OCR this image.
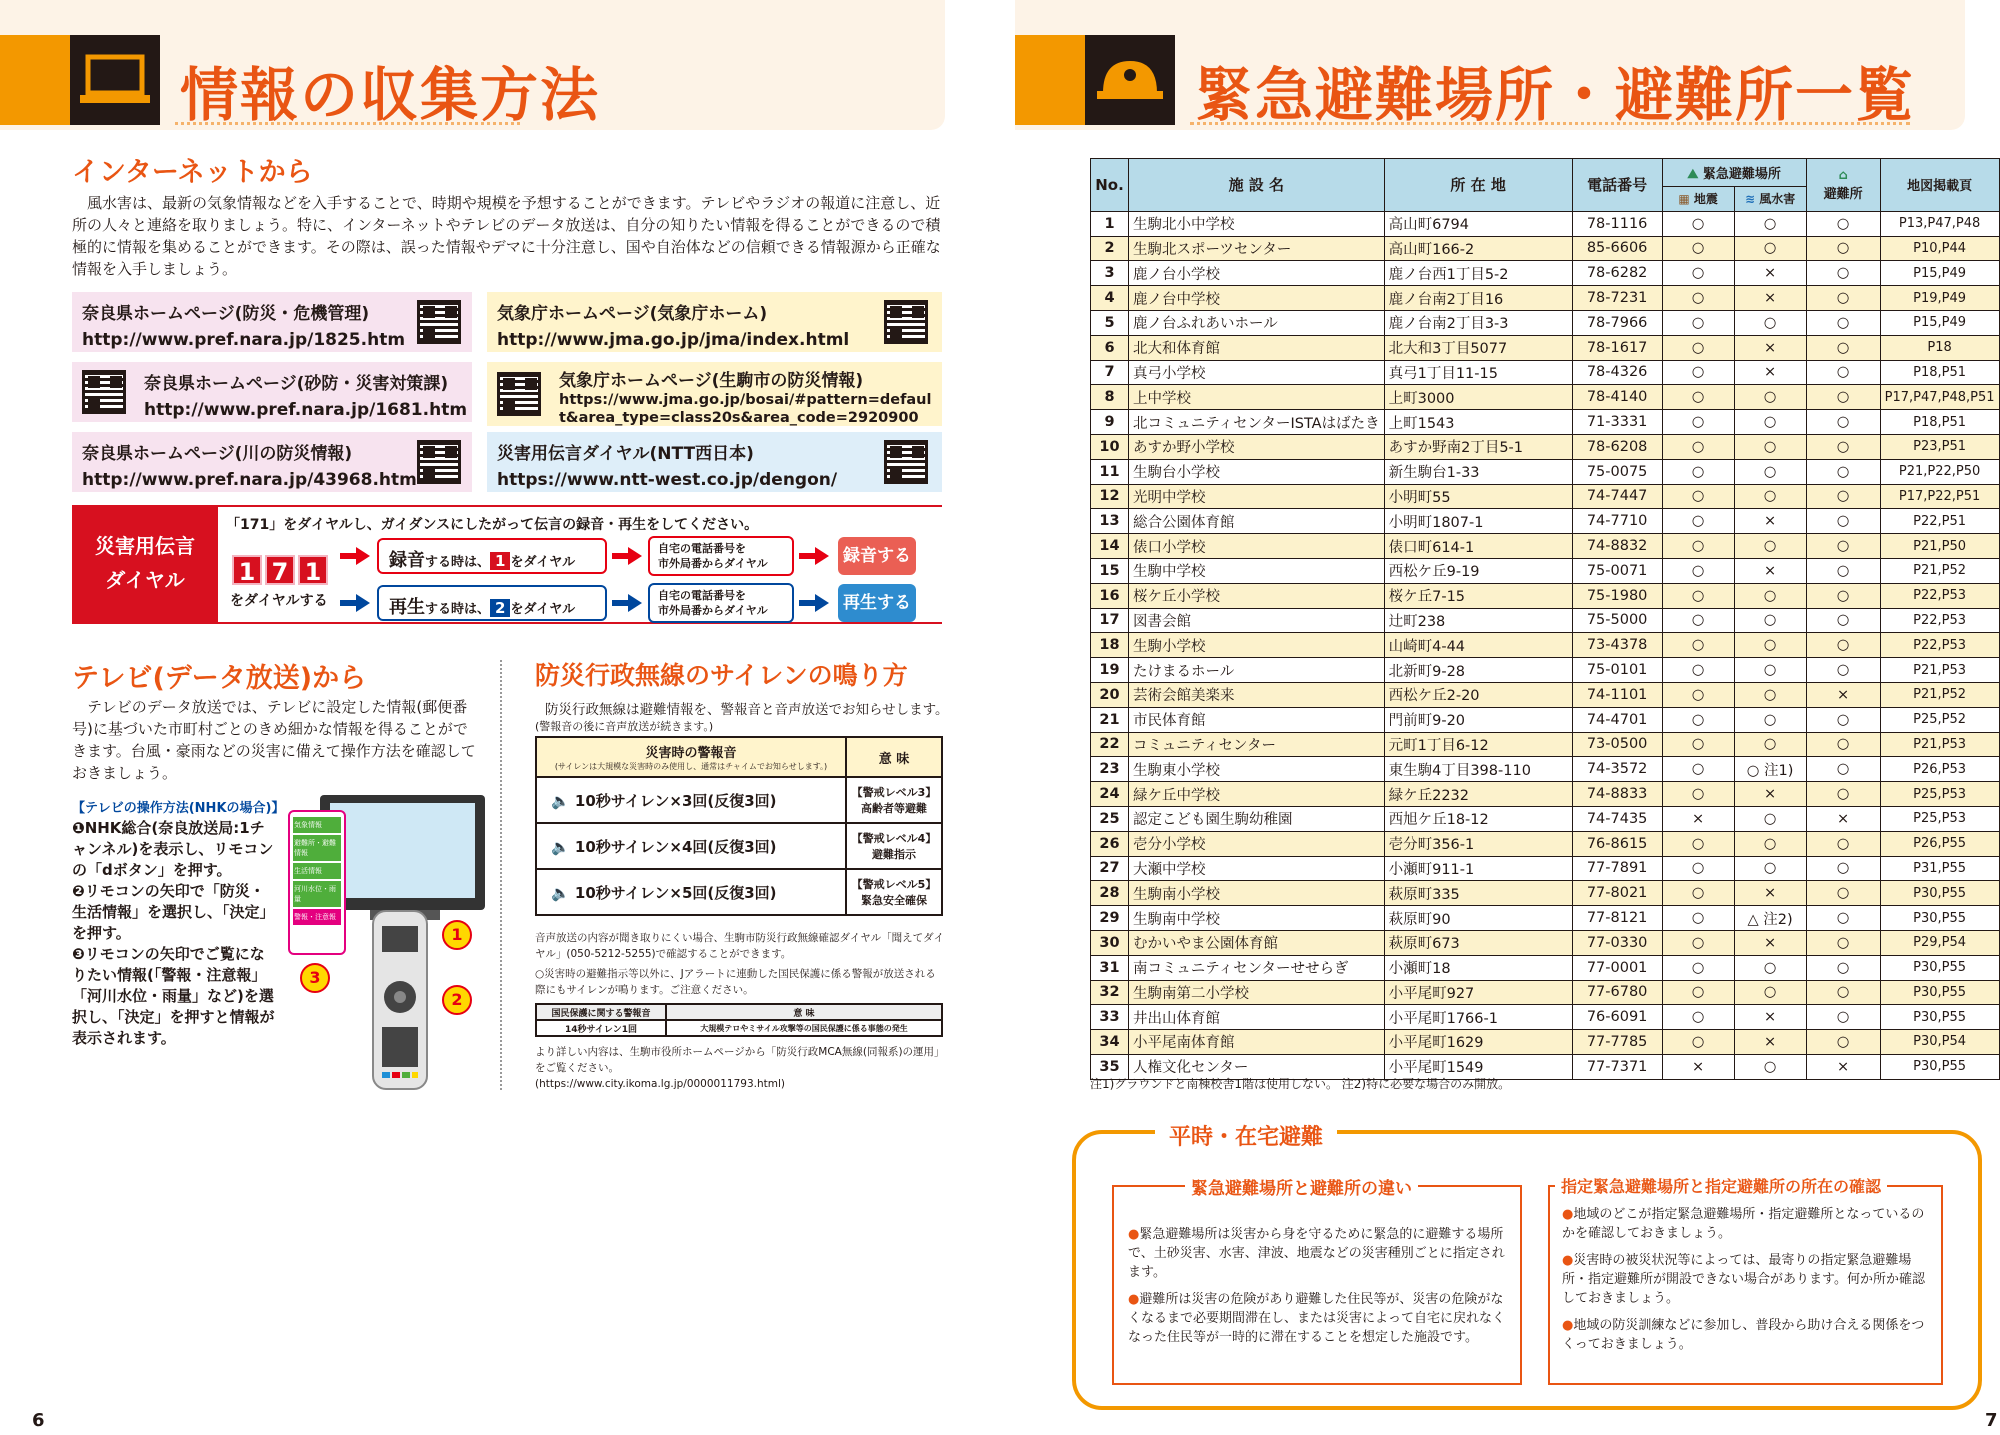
情報の収集方法
インターネットから
風水害は、最新の気象情報などを入手することで、時期や規模を予想することができます。テレビやラジオの報道に注意し、近所の人々と連絡を取りましょう。特に、インターネットやテレビのデータ放送は、自分の知りたい情報を得ることができるので積極的に情報を集めることができます。その際は、誤った情報やデマに十分注意し、国や自治体などの信頼できる情報源から正確な情報を入手しましょう。
奈良県ホームページ(防災・危機管理)
http://www.pref.nara.jp/1825.htm
気象庁ホームページ(気象庁ホーム)
http://www.jma.go.jp/jma/index.html
奈良県ホームページ(砂防・災害対策課)
http://www.pref.nara.jp/1681.htm
気象庁ホームページ(生駒市の防災情報)
https://www.jma.go.jp/bosai/#pattern=default&area_type=class20s&area_code=2920900
奈良県ホームページ(川の防災情報)
http://www.pref.nara.jp/43968.htm
災害用伝言ダイヤル(NTT西日本)
https://www.ntt-west.co.jp/dengon/
災害用伝言
ダイヤル
「171」をダイヤルし、ガイダンスにしたがって伝言の録音・再生をしてください。
1 7 1
をダイヤルする
録音する時は、 1 をダイヤル
自宅の電話番号を
市外局番からダイヤル	録音する
再生する時は、 2 をダイヤル
自宅の電話番号を
市外局番からダイヤル	再生する
テレビ(データ放送)から
テレビのデータ放送では、テレビに設定した情報(郵便番号)に基づいた市町村ごとのきめ細かな情報を得ることができます。台風・豪雨などの災害に備えて操作方法を確認しておきましょう。
【テレビの操作方法(NHKの場合)】
❶NHK総合(奈良放送局:1チャンネル)を表示し、リモコンの「dボタン」を押す。
❷リモコンの矢印で「防災・生活情報」を選択し、「決定」を押す。
❸リモコンの矢印でご覧になりたい情報(「警報・注意報」「河川水位・雨量」など)を選択し、「決定」を押すと情報が表示されます。
気象情報
避難所・避難情報
生活情報
河川水位・雨量
警報・注意報
1
2
3
防災行政無線のサイレンの鳴り方
防災行政無線は避難情報を、警報音と音声放送でお知らせします。
(警報音の後に音声放送が続きます。)
災害時の警報音
(サイレンは大規模な災害時のみ使用し、通常はチャイムでお知らせします。)	意 味
🔈 10秒サイレン×3回(反復3回)	【警戒レベル3】
高齢者等避難

🔈 10秒サイレン×4回(反復3回)	【警戒レベル4】
避難指示

🔈 10秒サイレン×5回(反復3回)	【警戒レベル5】
緊急安全確保
音声放送の内容が聞き取りにくい場合、生駒市防災行政無線確認ダイヤル「聞えてダイヤル」(050-5212-5255)で確認することができます。
○災害時の避難指示等以外に、Jアラートに連動した国民保護に係る警報が放送される際にもサイレンが鳴ります。ご注意ください。
国民保護に関する警報音	意 味
14秒サイレン1回	大規模テロやミサイル攻撃等の国民保護に係る事態の発生
より詳しい内容は、生駒市役所ホームページから「防災行政MCA無線(同報系)の運用」をご覧ください。
(https://www.city.ikoma.lg.jp/0000011793.html)
6
緊急避難場所・避難所一覧
No.	施 設 名	所 在 地	電話番号	⛰ 緊急避難場所		⌂
避難所	地図掲載頁
				▦ 地震	≋ 風水害		
1	生駒北小中学校	高山町6794	78-1116	○	○	○	P13,P47,P48
2	生駒北スポーツセンター	高山町166-2	85-6606	○	○	○	P10,P44
3	鹿ノ台小学校	鹿ノ台西1丁目5-2	78-6282	○	×	○	P15,P49
4	鹿ノ台中学校	鹿ノ台南2丁目16	78-7231	○	×	○	P19,P49
5	鹿ノ台ふれあいホール	鹿ノ台南2丁目3-3	78-7966	○	○	○	P15,P49
6	北大和体育館	北大和3丁目5077	78-1617	○	×	○	P18
7	真弓小学校	真弓1丁目11-15	78-4326	○	×	○	P18,P51
8	上中学校	上町3000	78-4140	○	○	○	P17,P47,P48,P51
9	北コミュニティセンターISTAはばたき	上町1543	71-3331	○	○	○	P18,P51
10	あすか野小学校	あすか野南2丁目5-1	78-6208	○	○	○	P23,P51
11	生駒台小学校	新生駒台1-33	75-0075	○	○	○	P21,P22,P50
12	光明中学校	小明町55	74-7447	○	○	○	P17,P22,P51
13	総合公園体育館	小明町1807-1	74-7710	○	×	○	P22,P51
14	俵口小学校	俵口町614-1	74-8832	○	○	○	P21,P50
15	生駒中学校	西松ケ丘9-19	75-0071	○	×	○	P21,P52
16	桜ケ丘小学校	桜ケ丘7-15	75-1980	○	○	○	P22,P53
17	図書会館	辻町238	75-5000	○	○	○	P22,P53
18	生駒小学校	山崎町4-44	73-4378	○	○	○	P22,P53
19	たけまるホール	北新町9-28	75-0101	○	○	○	P21,P53
20	芸術会館美楽来	西松ケ丘2-20	74-1101	○	○	×	P21,P52
21	市民体育館	門前町9-20	74-4701	○	○	○	P25,P52
22	コミュニティセンター	元町1丁目6-12	73-0500	○	○	○	P21,P53
23	生駒東小学校	東生駒4丁目398-110	74-3572	○	○ 注1)	○	P26,P53
24	緑ケ丘中学校	緑ケ丘2232	74-8833	○	×	○	P25,P53
25	認定こども園生駒幼稚園	西旭ケ丘18-12	74-7435	×	○	×	P25,P53
26	壱分小学校	壱分町356-1	76-8615	○	○	○	P26,P55
27	大瀬中学校	小瀬町911-1	77-7891	○	○	○	P31,P55
28	生駒南小学校	萩原町335	77-8021	○	×	○	P30,P55
29	生駒南中学校	萩原町90	77-8121	○	△ 注2)	○	P30,P55
30	むかいやま公園体育館	萩原町673	77-0330	○	×	○	P29,P54
31	南コミュニティセンターせせらぎ	小瀬町18	77-0001	○	○	○	P30,P55
32	生駒南第二小学校	小平尾町927	77-6780	○	○	○	P30,P55
33	井出山体育館	小平尾町1766-1	76-6091	○	×	○	P30,P55
34	小平尾南体育館	小平尾町1629	77-7785	○	×	○	P30,P54
35	人権文化センター	小平尾町1549	77-7371	×	○	×	P30,P55
注1)グラウンドと南棟校舎1階は使用しない。 注2)特に必要な場合のみ開放。
平時・在宅避難
緊急避難場所と避難所の違い

●緊急避難場所は災害から身を守るために緊急的に避難する場所で、土砂災害、水害、津波、地震などの災害種別ごとに指定されます。

●避難所は災害の危険があり避難した住民等が、災害の危険がなくなるまで必要期間滞在し、または災害によって自宅に戻れなくなった住民等が一時的に滞在することを想定した施設です。

指定緊急避難場所と指定避難所の所在の確認

●地域のどこが指定緊急避難場所・指定避難所となっているのかを確認しておきましょう。

●災害時の被災状況等によっては、最寄りの指定緊急避難場所・指定避難所が開設できない場合があります。何か所か確認しておきましょう。

●地域の防災訓練などに参加し、普段から助け合える関係をつくっておきましょう。

7
